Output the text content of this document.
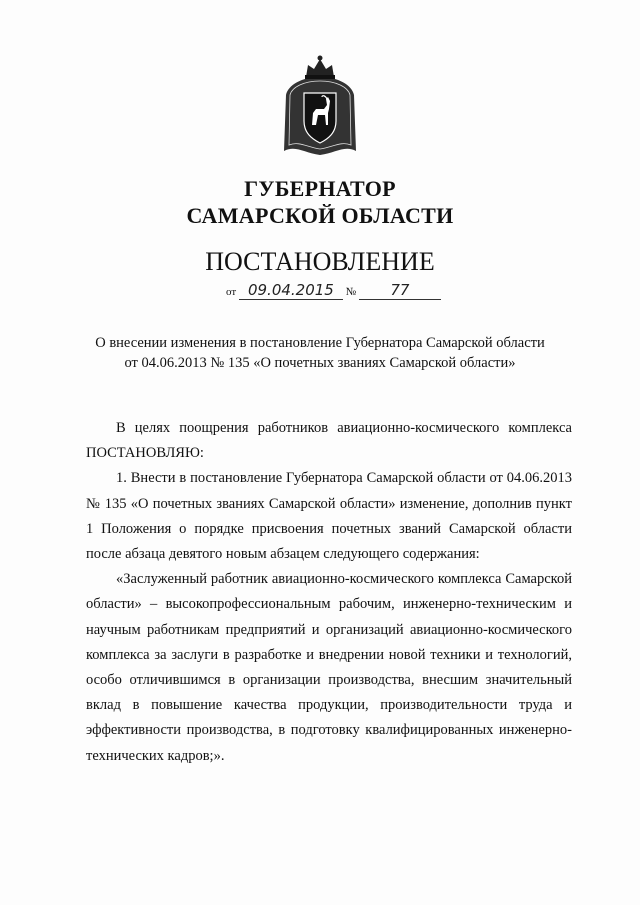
ГУБЕРНАТОР
САМАРСКОЙ ОБЛАСТИ
ПОСТАНОВЛЕНИЕ
от 09.04.2015 № 77
О внесении изменения в постановление Губернатора Самарской области
от 04.06.2013 № 135 «О почетных званиях Самарской области»

В целях поощрения работников авиационно-космического комплекса ПОСТАНОВЛЯЮ:

1. Внести в постановление Губернатора Самарской области от 04.06.2013 № 135 «О почетных званиях Самарской области» изменение, дополнив пункт 1 Положения о порядке присвоения почетных званий Самарской области после абзаца девятого новым абзацем следующего содержания:

«Заслуженный работник авиационно-космического комплекса Самарской области» – высокопрофессиональным рабочим, инженерно-техническим и научным работникам предприятий и организаций авиационно-космического комплекса за заслуги в разработке и внедрении новой техники и технологий, особо отличившимся в организации производства, внесшим значительный вклад в повышение качества продукции, производительности труда и эффективности производства, в подготовку квалифицированных инженерно-технических кадров;».
